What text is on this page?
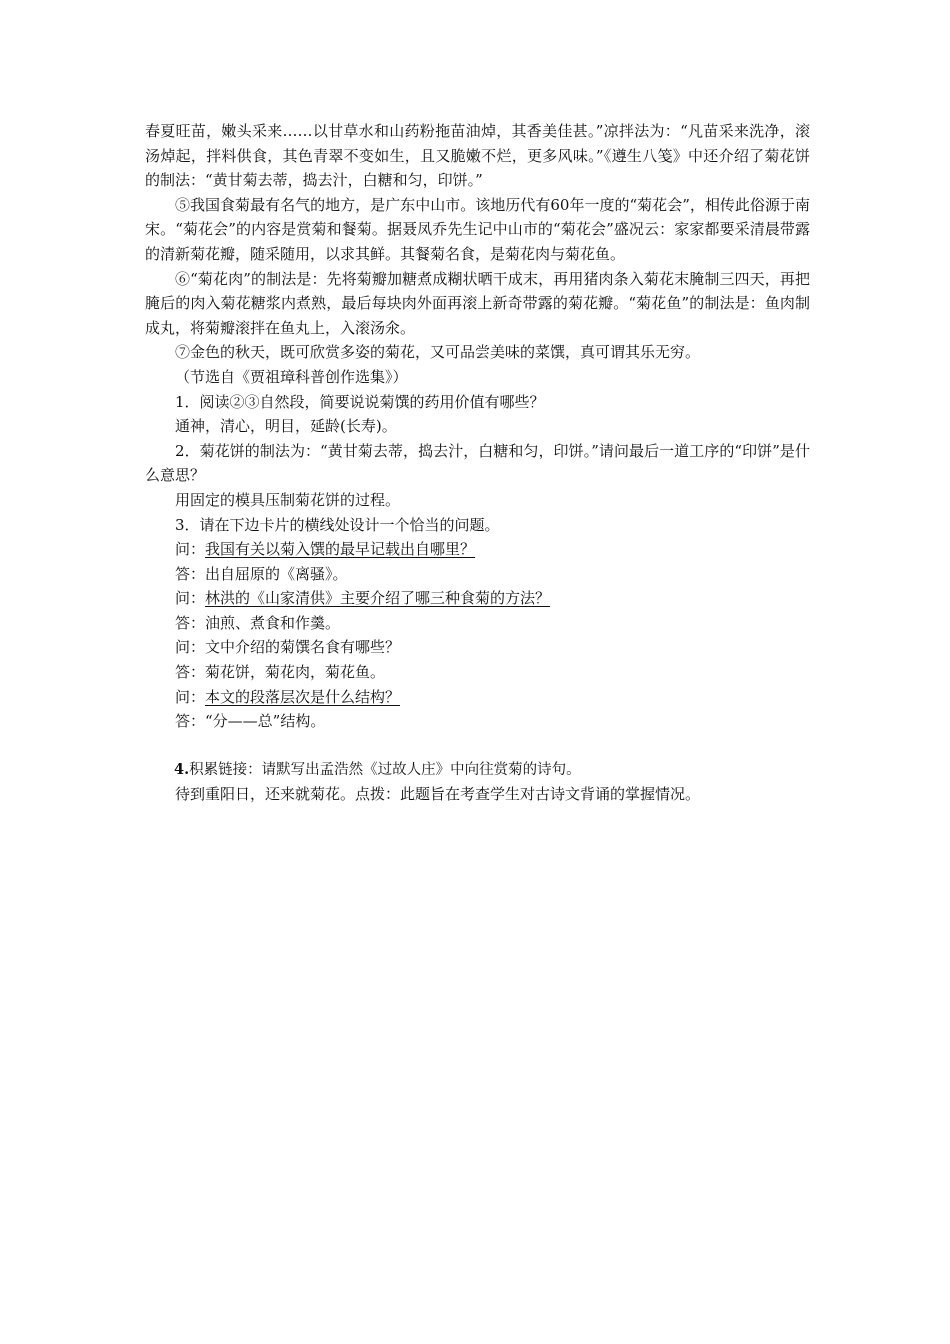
春夏旺苗，嫩头采来……以甘草水和山药粉拖苗油焯，其香美佳甚。”凉拌法为：“凡苗采来洗净，滚汤焯起，拌料供食，其色青翠不变如生，且又脆嫩不烂，更多风味。”《遵生八笺》中还介绍了菊花饼的制法：“黄甘菊去蒂，捣去汁，白糖和匀，印饼。”

⑤我国食菊最有名气的地方，是广东中山市。该地历代有60年一度的“菊花会”，相传此俗源于南宋。“菊花会”的内容是赏菊和餐菊。据聂凤乔先生记中山市的“菊花会”盛况云：家家都要采清晨带露的清新菊花瓣，随采随用，以求其鲜。其餐菊名食，是菊花肉与菊花鱼。

⑥“菊花肉”的制法是：先将菊瓣加糖煮成糊状晒干成末，再用猪肉条入菊花末腌制三四天，再把腌后的肉入菊花糖浆内煮熟，最后每块肉外面再滚上新奇带露的菊花瓣。“菊花鱼”的制法是：鱼肉制成丸，将菊瓣滚拌在鱼丸上，入滚汤氽。

⑦金色的秋天，既可欣赏多姿的菊花，又可品尝美味的菜馔，真可谓其乐无穷。

（节选自《贾祖璋科普创作选集》）

1．阅读②③自然段，简要说说菊馔的药用价值有哪些？

通神，清心，明目，延龄(长寿)。

2．菊花饼的制法为：“黄甘菊去蒂，捣去汁，白糖和匀，印饼。”请问最后一道工序的“印饼”是什么意思？

用固定的模具压制菊花饼的过程。

3．请在下边卡片的横线处设计一个恰当的问题。

问：我国有关以菊入馔的最早记载出自哪里？

答：出自屈原的《离骚》。

问：林洪的《山家清供》主要介绍了哪三种食菊的方法？

答：油煎、煮食和作羹。

问：文中介绍的菊馔名食有哪些？

答：菊花饼，菊花肉，菊花鱼。

问：本文的段落层次是什么结构？

答：“分——总”结构。

4.积累链接：请默写出孟浩然《过故人庄》中向往赏菊的诗句。

待到重阳日，还来就菊花。点拨：此题旨在考查学生对古诗文背诵的掌握情况。
